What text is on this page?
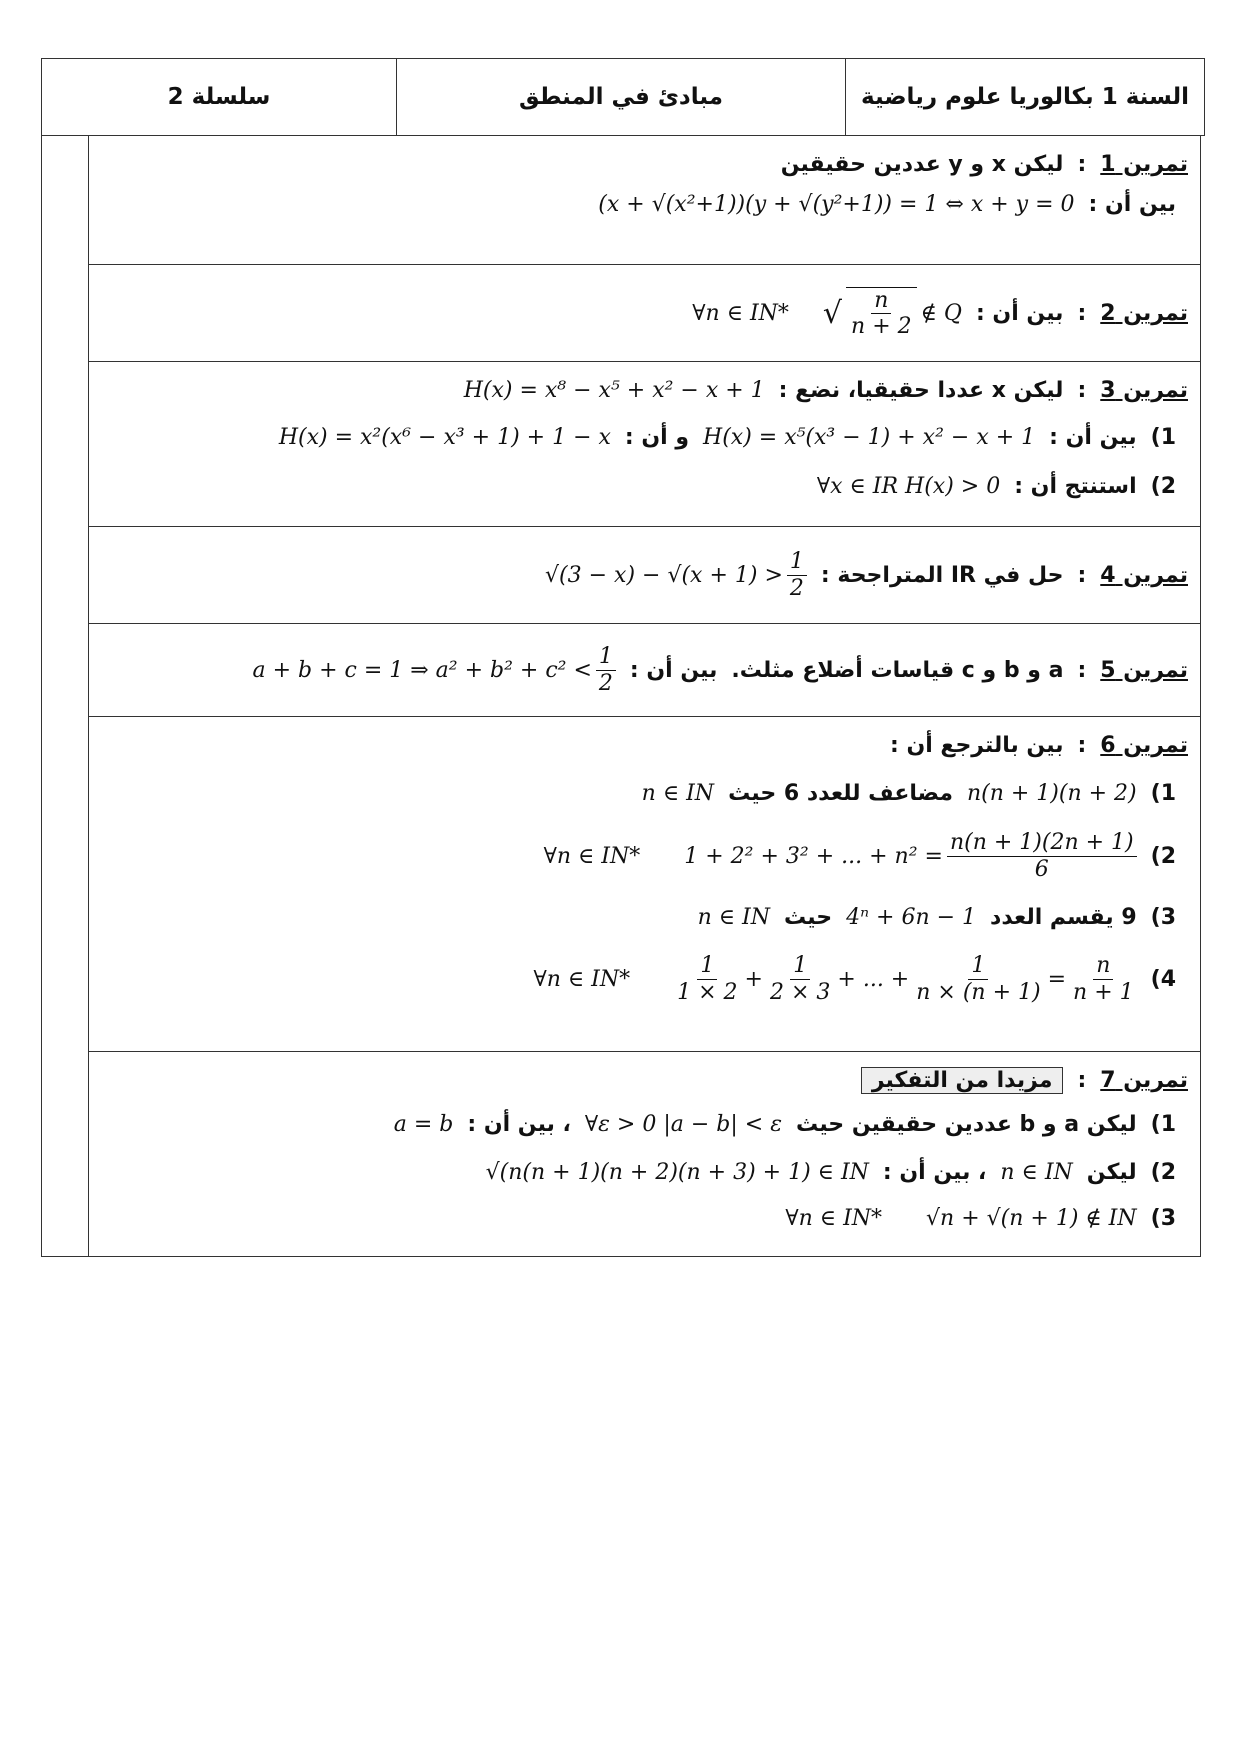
سلسلة 2	مبادئ في المنطق	السنة 1 بكالوريا علوم رياضية
تمرين 1
:
ليكن x و y عددين حقيقين
بين أن :
(x + √(x²+1))(y + √(y²+1)) = 1 ⇔ x + y = 0
تمرين 2
:
بين أن :
√ $\frac{n}{n + 2}$ ∉ Q
∀n ∈ IN*
تمرين 3
:
ليكن x عددا حقيقيا، نضع :
H(x) = x⁸ − x⁵ + x² − x + 1
1)
بين أن :
H(x) = x⁵(x³ − 1) + x² − x + 1
و أن :
H(x) = x²(x⁶ − x³ + 1) + 1 − x
2)
استنتج أن :
∀x ∈ IR H(x) > 0
تمرين 4
:
حل في IR المتراجحة :
$√(3 - x) - √(x + 1) > \frac{1}{2}$
تمرين 5
:
a و b و c قياسات أضلاع مثلث.
بين أن :
a + b + c = 1 ⇒ $a^2 + b^2 + c^2 < \frac{1}{2}$
تمرين 6
:
بين بالترجع أن :
1)
n(n + 1)(n + 2)
مضاعف للعدد 6 حيث
n ∈ IN
2)
1 + 2² + 3² + ... + $n^2 = \frac{n(n + 1)(2n + 1)}{6}$
∀n ∈ IN*
3)
9 يقسم العدد
4ⁿ + 6n − 1
حيث
n ∈ IN
4)
$\frac{1}{1 \times 2} + \frac{1}{2 \times 3}$ + ... + $\frac{1}{n \times (n + 1)} = \frac{n}{n + 1}$
∀n ∈ IN*
تمرين 7
:
مزيدا من التفكير
1)
ليكن a و b عددين حقيقين حيث
∀ε > 0 |a − b| < ε
، بين أن :
a = b
2)
ليكن
n ∈ IN
، بين أن :
√(n(n + 1)(n + 2)(n + 3) + 1) ∈ IN
3)
√n + √(n + 1) ∉ IN
∀n ∈ IN*
